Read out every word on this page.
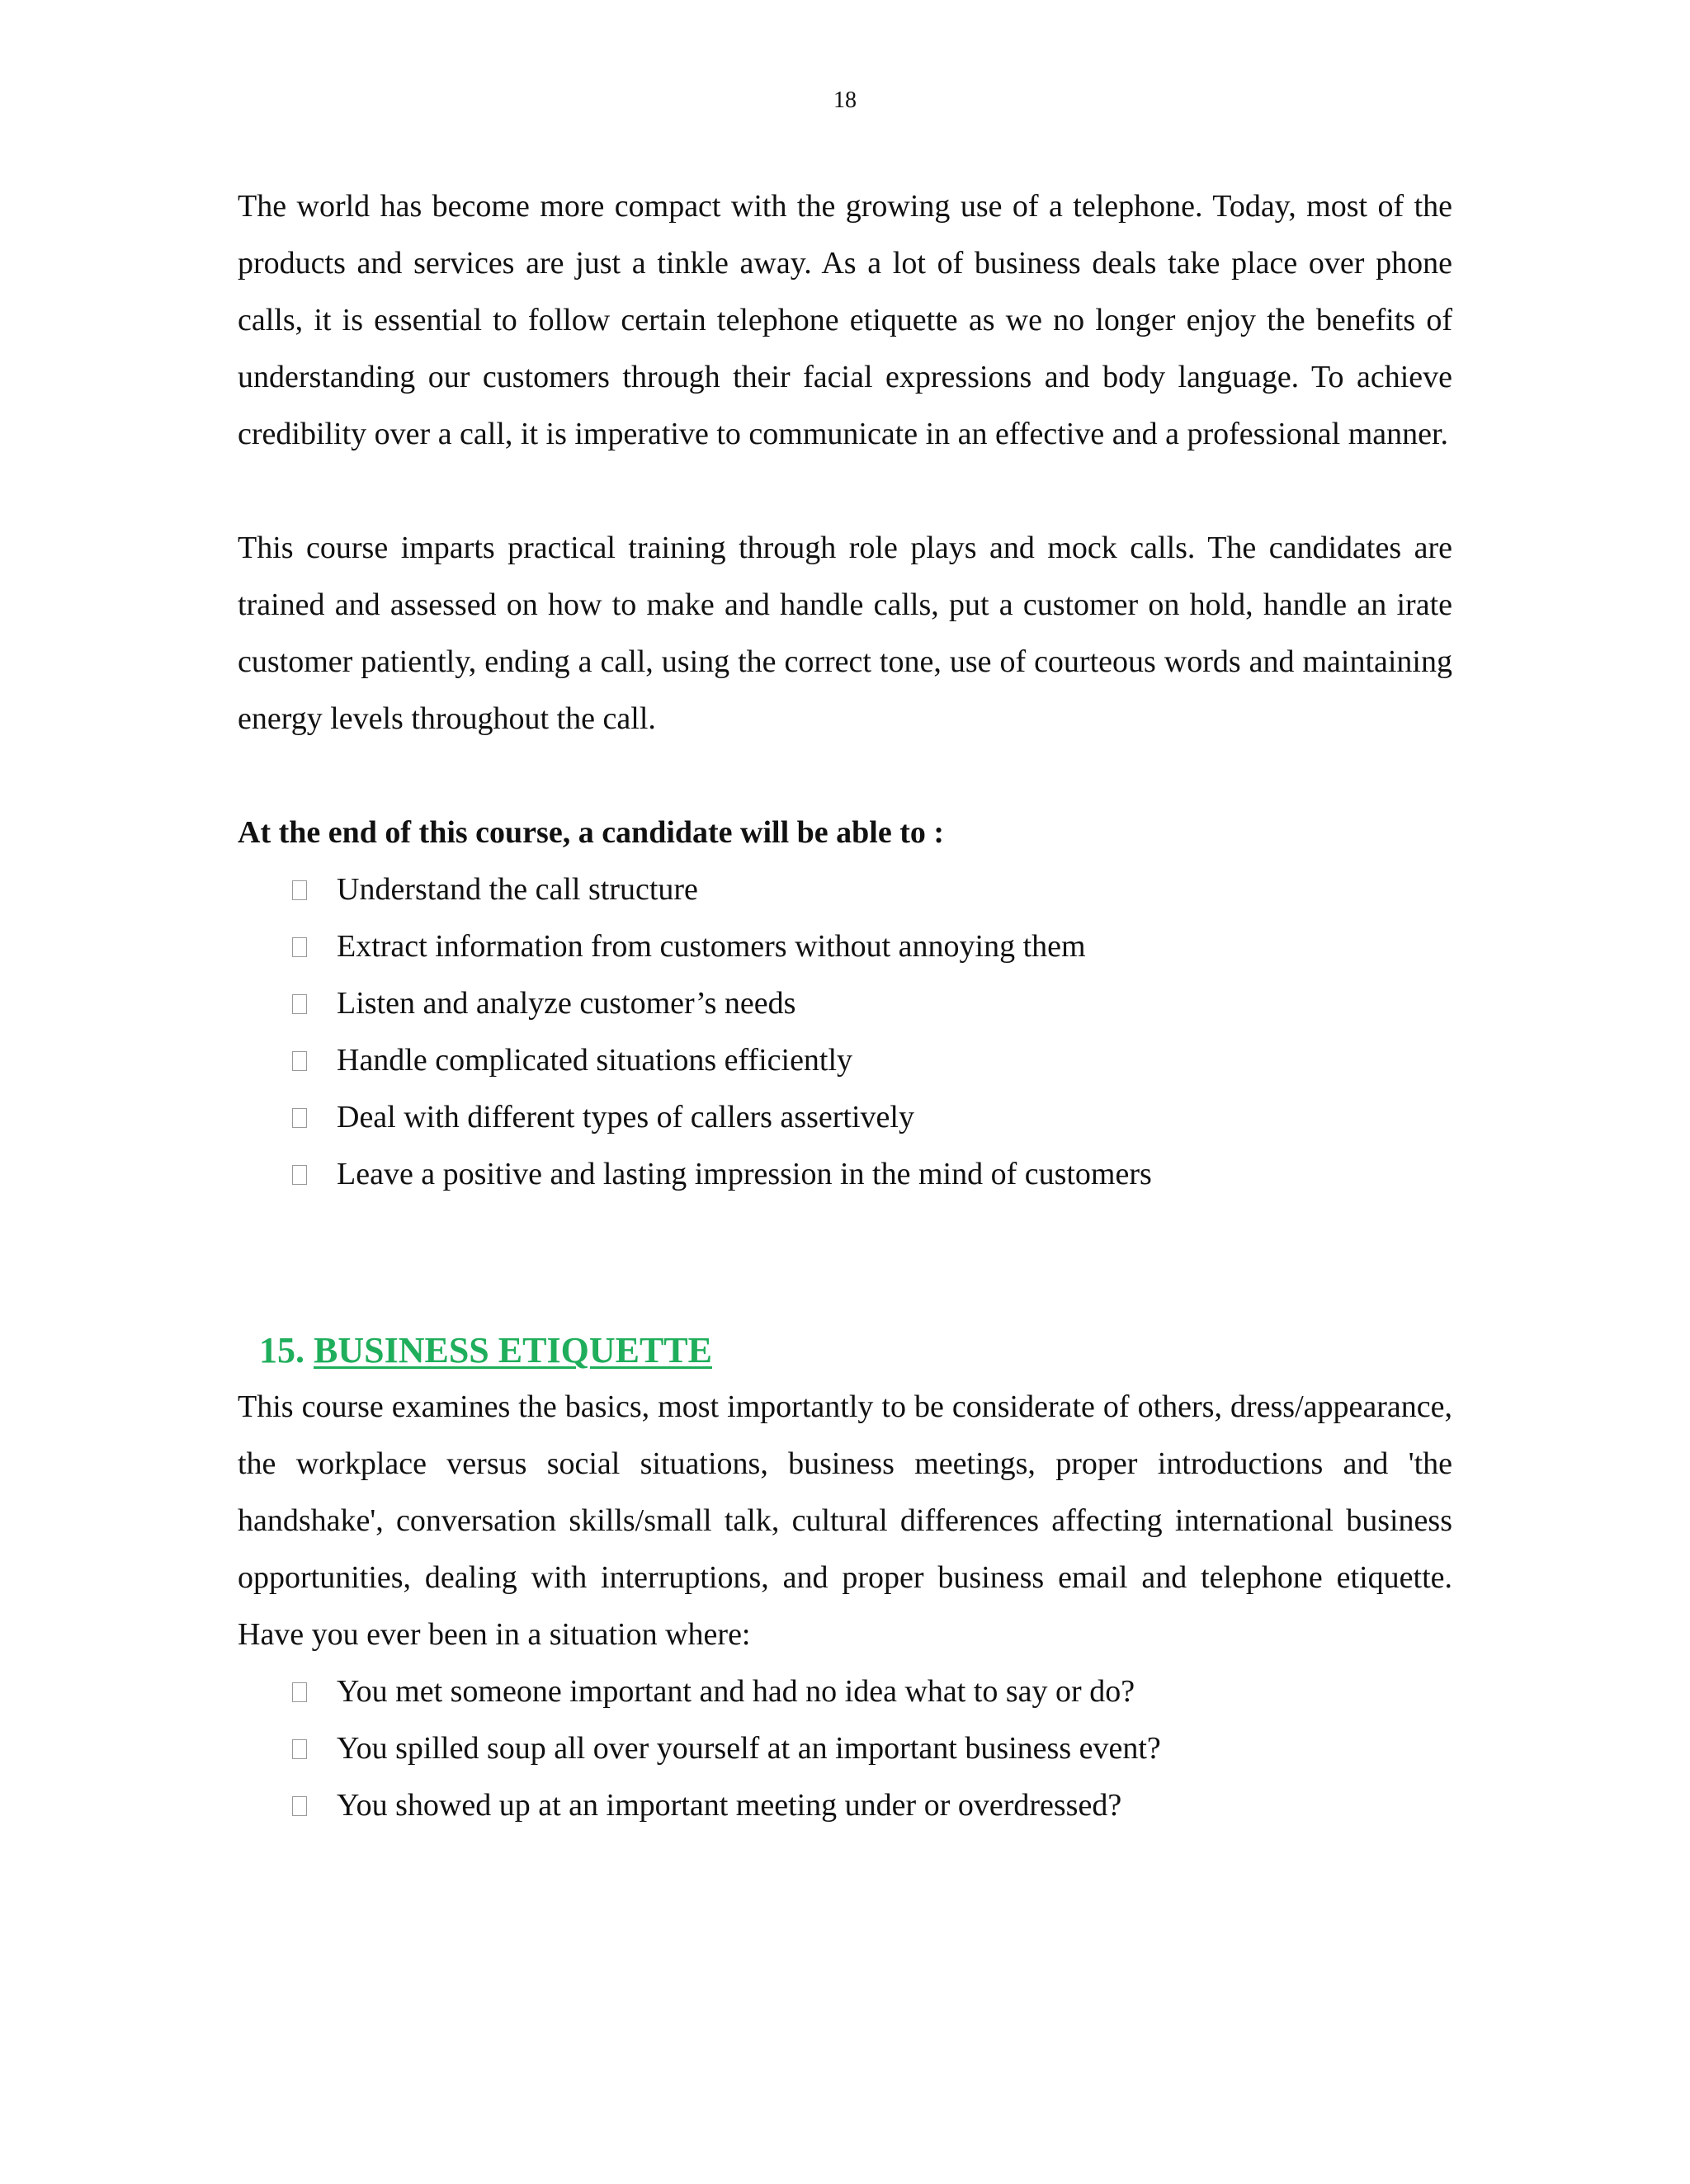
18

The world has become more compact with the growing use of a telephone. Today, most of the products and services are just a tinkle away. As a lot of business deals take place over phone calls, it is essential to follow certain telephone etiquette as we no longer enjoy the benefits of understanding our customers through their facial expressions and body language. To achieve credibility over a call, it is imperative to communicate in an effective and a professional manner.

This course imparts practical training through role plays and mock calls. The candidates are trained and assessed on how to make and handle calls, put a customer on hold, handle an irate customer patiently, ending a call, using the correct tone, use of courteous words and maintaining energy levels throughout the call.

At the end of this course, a candidate will be able to :

Understand the call structure
Extract information from customers without annoying them
Listen and analyze customer’s needs
Handle complicated situations efficiently
Deal with different types of callers assertively
Leave a positive and lasting impression in the mind of customers
15. BUSINESS ETIQUETTE

This course examines the basics, most importantly to be considerate of others, dress/appearance, the workplace versus social situations, business meetings, proper introductions and 'the handshake', conversation skills/small talk, cultural differences affecting international business opportunities, dealing with interruptions, and proper business email and telephone etiquette. Have you ever been in a situation where:

You met someone important and had no idea what to say or do?
You spilled soup all over yourself at an important business event?
You showed up at an important meeting under or overdressed?
